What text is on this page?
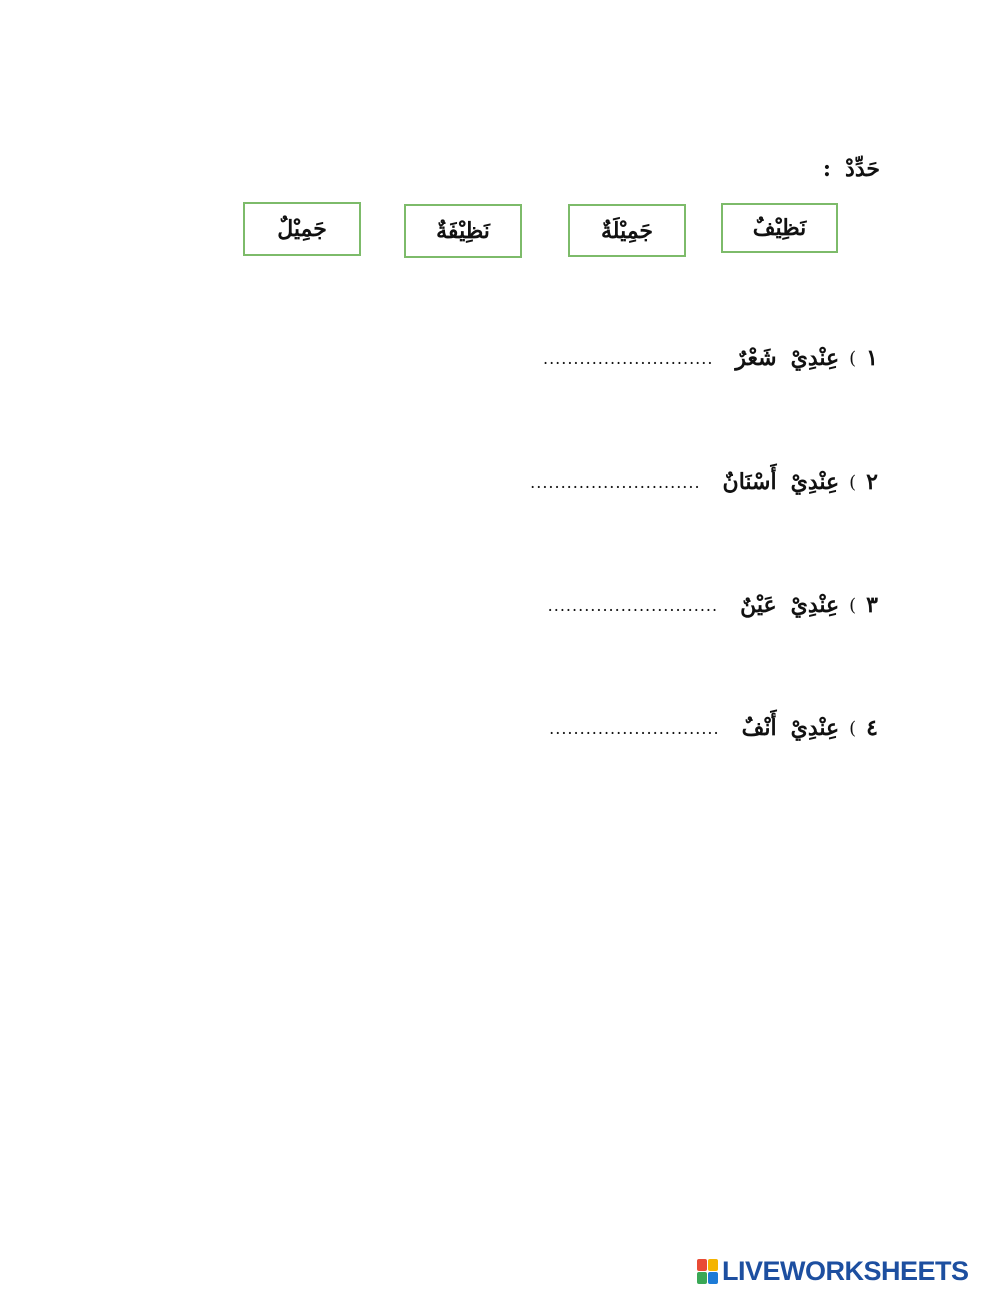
حَدِّدْ
:
نَظِيْفٌ
جَمِيْلَةٌ
نَظِيْفَةٌ
جَمِيْلٌ
١
)
عِنْدِيْ
شَعْرٌ
............................
٢
)
عِنْدِيْ
أَسْنَانٌ
............................
٣
)
عِنْدِيْ
عَيْنٌ
............................
٤
)
عِنْدِيْ
أَنْفٌ
............................
LIVEWORKSHEETS
